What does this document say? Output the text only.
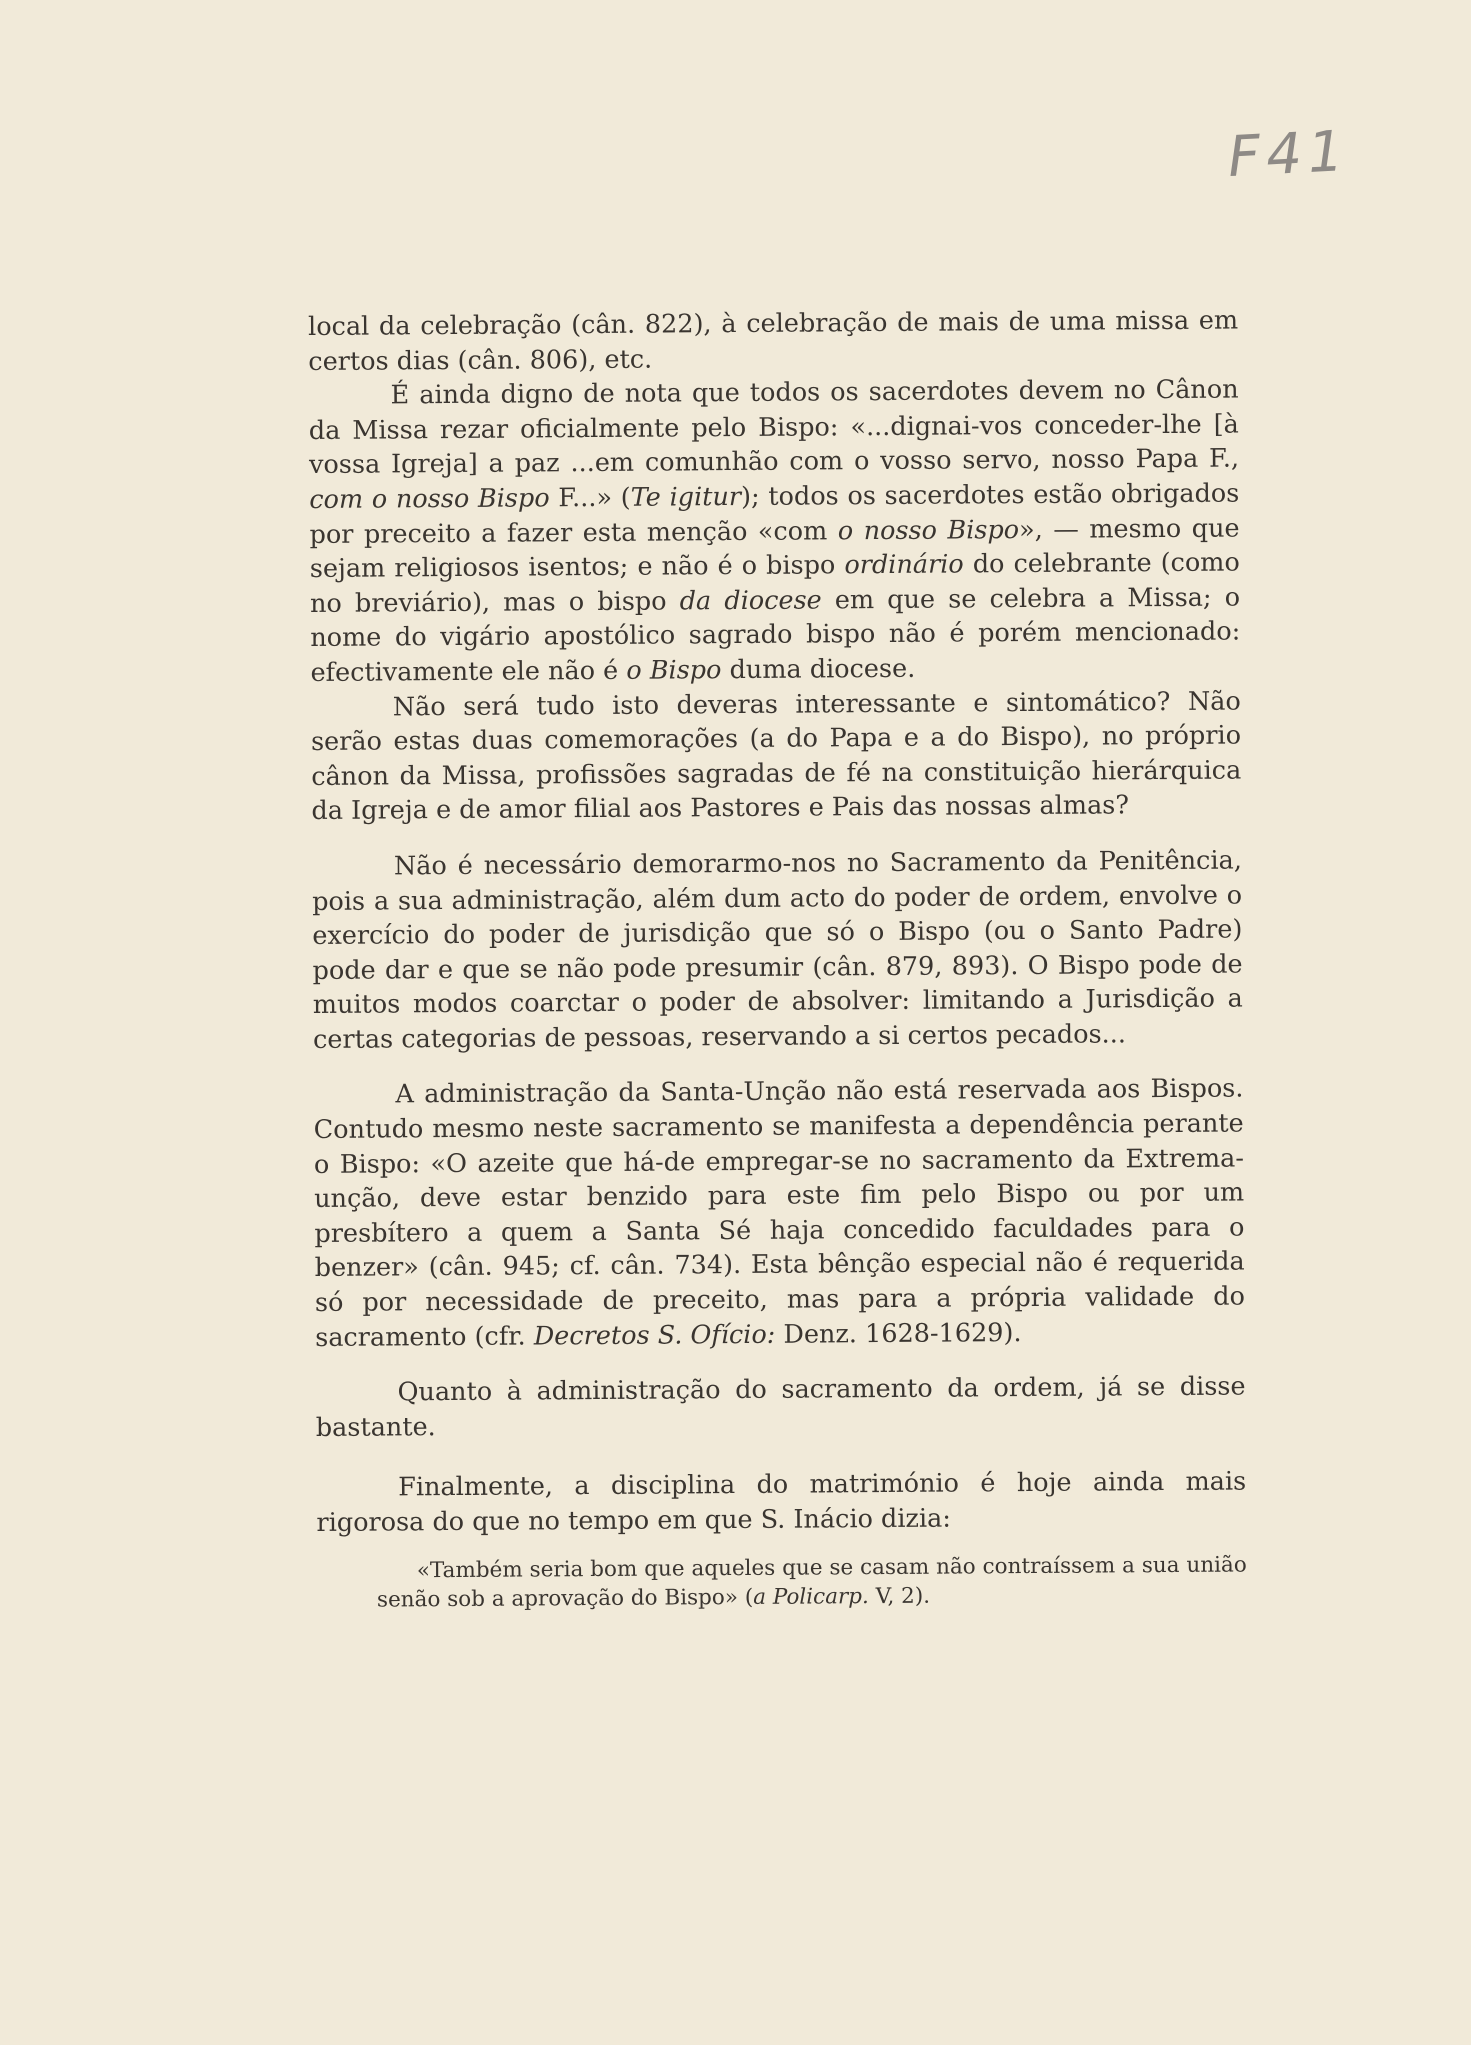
F41

local da celebração (cân. 822), à celebração de mais de uma missa em certos dias (cân. 806), etc.

É ainda digno de nota que todos os sacerdotes devem no Cânon da Missa rezar oficialmente pelo Bispo: «...dignai-vos conceder-lhe [à vossa Igreja] a paz ...em comunhão com o vosso servo, nosso Papa F., com o nosso Bispo F...» (Te igitur); todos os sacerdotes estão obrigados por preceito a fazer esta menção «com o nosso Bispo», — mesmo que sejam religiosos isentos; e não é o bispo ordinário do celebrante (como no breviário), mas o bispo da diocese em que se celebra a Missa; o nome do vigário apostólico sagrado bispo não é porém mencionado: efectivamente ele não é o Bispo duma diocese.

Não será tudo isto deveras interessante e sintomático? Não serão estas duas comemorações (a do Papa e a do Bispo), no próprio cânon da Missa, profissões sagradas de fé na constituição hierárquica da Igreja e de amor filial aos Pastores e Pais das nossas almas?

Não é necessário demorarmo-nos no Sacramento da Penitência, pois a sua administração, além dum acto do poder de ordem, envolve o exercício do poder de jurisdição que só o Bispo (ou o Santo Padre) pode dar e que se não pode presumir (cân. 879, 893). O Bispo pode de muitos modos coarctar o poder de absolver: limitando a Jurisdição a certas categorias de pessoas, reservando a si certos pecados...

A administração da Santa-Unção não está reservada aos Bispos. Contudo mesmo neste sacramento se manifesta a dependência perante o Bispo: «O azeite que há-de empregar-se no sacramento da Extrema-unção, deve estar benzido para este fim pelo Bispo ou por um presbítero a quem a Santa Sé haja concedido faculdades para o benzer» (cân. 945; cf. cân. 734). Esta bênção especial não é requerida só por necessidade de preceito, mas para a própria validade do sacramento (cfr. Decretos S. Ofício: Denz. 1628-1629).

Quanto à administração do sacramento da ordem, já se disse bastante.

Finalmente, a disciplina do matrimónio é hoje ainda mais rigorosa do que no tempo em que S. Inácio dizia:

«Também seria bom que aqueles que se casam não contraíssem a sua união senão sob a aprovação do Bispo» (a Policarp. V, 2).
